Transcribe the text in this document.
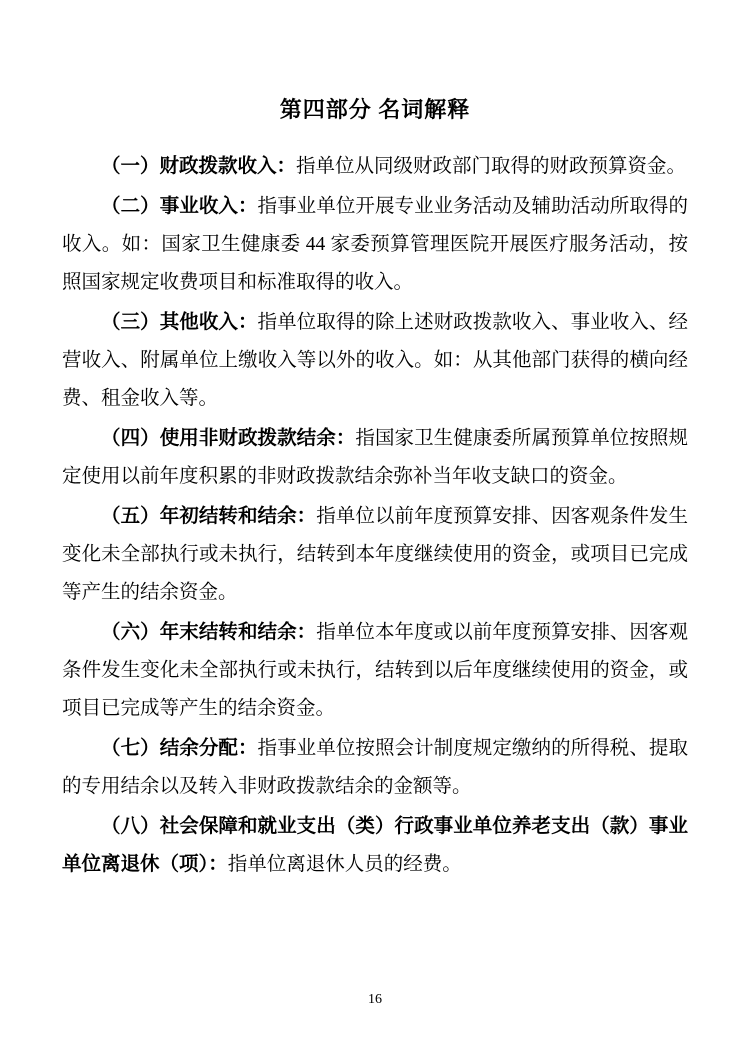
第四部分 名词解释

（一）财政拨款收入：指单位从同级财政部门取得的财政预算资金。

（二）事业收入：指事业单位开展专业业务活动及辅助活动所取得的收入。如：国家卫生健康委 44 家委预算管理医院开展医疗服务活动，按照国家规定收费项目和标准取得的收入。

（三）其他收入：指单位取得的除上述财政拨款收入、事业收入、经营收入、附属单位上缴收入等以外的收入。如：从其他部门获得的横向经费、租金收入等。

（四）使用非财政拨款结余：指国家卫生健康委所属预算单位按照规定使用以前年度积累的非财政拨款结余弥补当年收支缺口的资金。

（五）年初结转和结余：指单位以前年度预算安排、因客观条件发生变化未全部执行或未执行，结转到本年度继续使用的资金，或项目已完成等产生的结余资金。

（六）年末结转和结余：指单位本年度或以前年度预算安排、因客观条件发生变化未全部执行或未执行，结转到以后年度继续使用的资金，或项目已完成等产生的结余资金。

（七）结余分配：指事业单位按照会计制度规定缴纳的所得税、提取的专用结余以及转入非财政拨款结余的金额等。

（八）社会保障和就业支出（类）行政事业单位养老支出（款）事业单位离退休（项）：指单位离退休人员的经费。

16
